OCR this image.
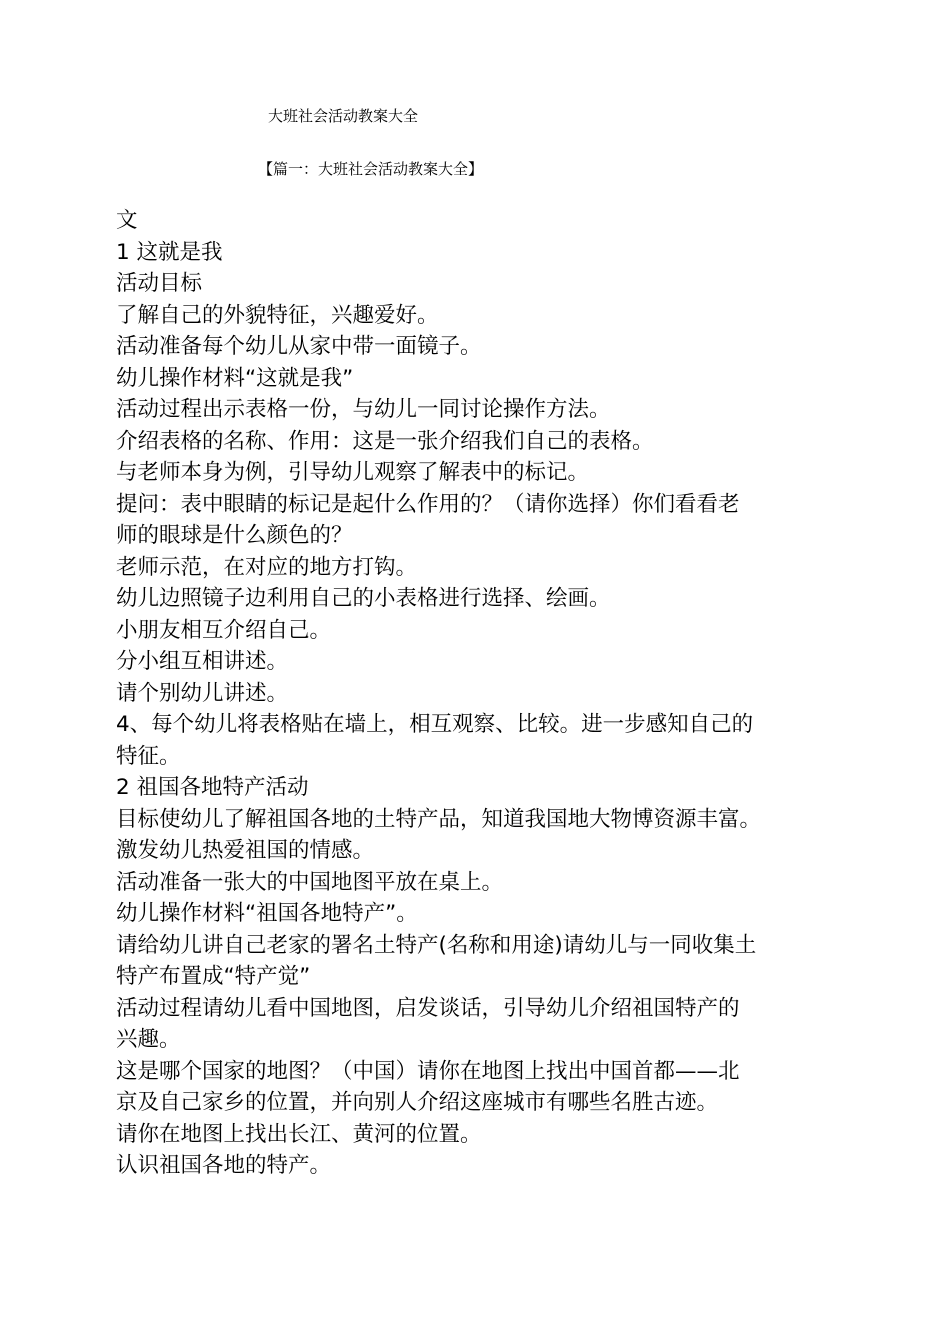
大班社会活动教案大全
【篇一：大班社会活动教案大全】
文
1 这就是我
活动目标
了解自己的外貌特征，兴趣爱好。
活动准备每个幼儿从家中带一面镜子。
幼儿操作材料“这就是我”
活动过程出示表格一份，与幼儿一同讨论操作方法。
介绍表格的名称、作用：这是一张介绍我们自己的表格。
与老师本身为例，引导幼儿观察了解表中的标记。
提问：表中眼睛的标记是起什么作用的？（请你选择）你们看看老
师的眼球是什么颜色的？
老师示范，在对应的地方打钩。
幼儿边照镜子边利用自己的小表格进行选择、绘画。
小朋友相互介绍自己。
分小组互相讲述。
请个别幼儿讲述。
4、每个幼儿将表格贴在墙上，相互观察、比较。进一步感知自己的
特征。
2 祖国各地特产活动
目标使幼儿了解祖国各地的土特产品，知道我国地大物博资源丰富。
激发幼儿热爱祖国的情感。
活动准备一张大的中国地图平放在桌上。
幼儿操作材料“祖国各地特产”。
请给幼儿讲自己老家的署名土特产(名称和用途)请幼儿与一同收集土
特产布置成“特产觉”
活动过程请幼儿看中国地图，启发谈话，引导幼儿介绍祖国特产的
兴趣。
这是哪个国家的地图？（中国）请你在地图上找出中国首都——北
京及自己家乡的位置，并向别人介绍这座城市有哪些名胜古迹。
请你在地图上找出长江、黄河的位置。
认识祖国各地的特产。
